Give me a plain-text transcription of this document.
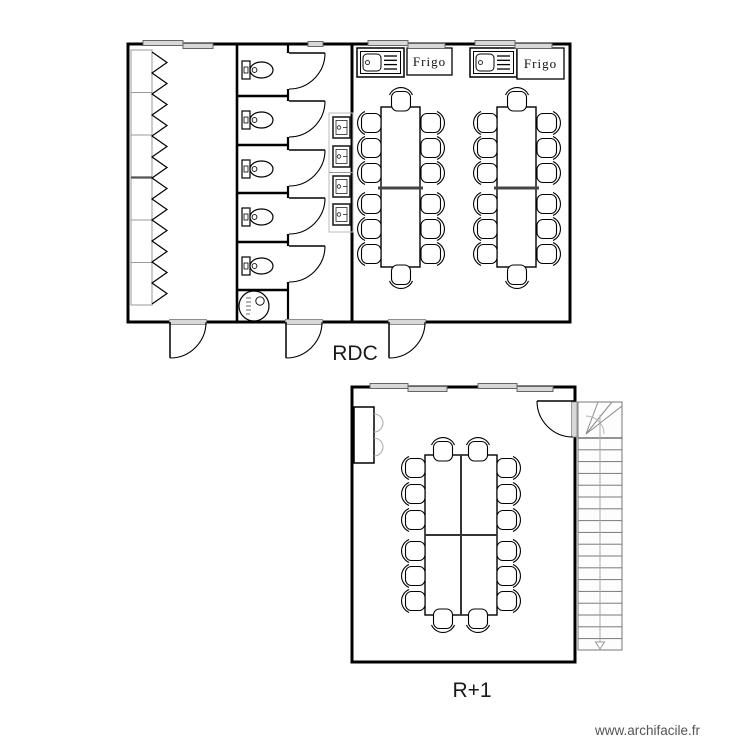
Frigo	Frigo
RDC
R+1
www.archifacile.fr
